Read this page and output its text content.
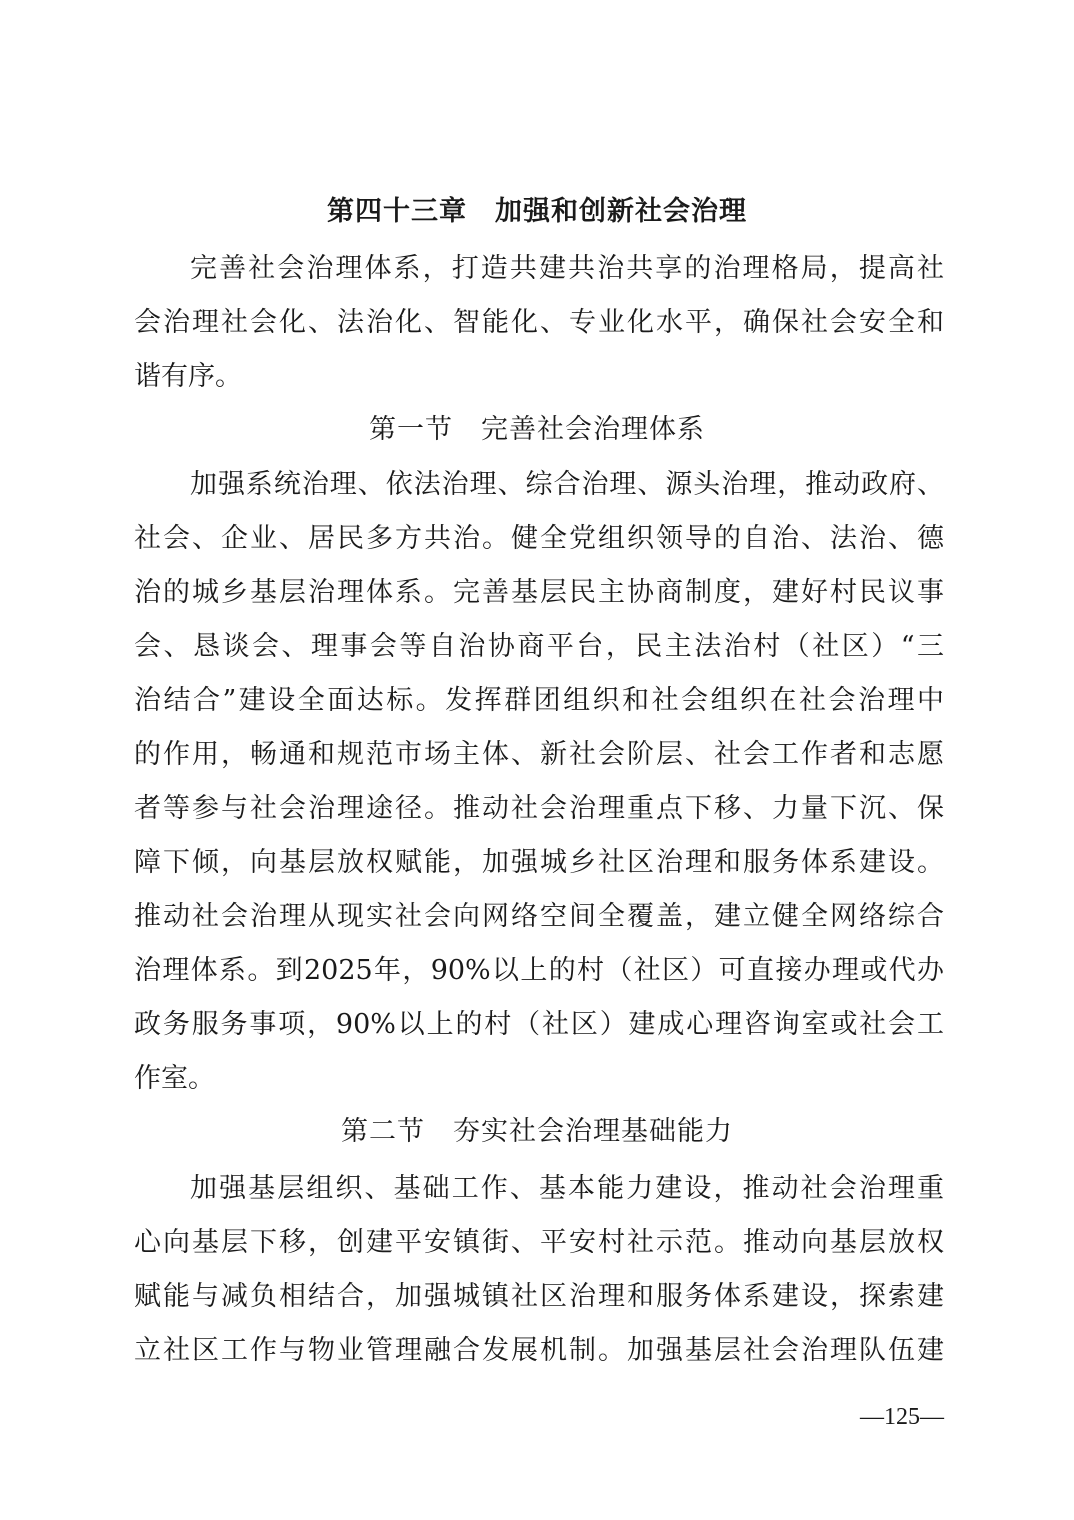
第四十三章　加强和创新社会治理
完善社会治理体系，打造共建共治共享的治理格局，提高社
会治理社会化、法治化、智能化、专业化水平，确保社会安全和
谐有序。
第一节　完善社会治理体系
加强系统治理、依法治理、综合治理、源头治理，推动政府、
社会、企业、居民多方共治。健全党组织领导的自治、法治、德
治的城乡基层治理体系。完善基层民主协商制度，建好村民议事
会、恳谈会、理事会等自治协商平台，民主法治村（社区）“三
治结合”建设全面达标。发挥群团组织和社会组织在社会治理中
的作用，畅通和规范市场主体、新社会阶层、社会工作者和志愿
者等参与社会治理途径。推动社会治理重点下移、力量下沉、保
障下倾，向基层放权赋能，加强城乡社区治理和服务体系建设。
推动社会治理从现实社会向网络空间全覆盖，建立健全网络综合
治理体系。到2025年，90%以上的村（社区）可直接办理或代办
政务服务事项，90%以上的村（社区）建成心理咨询室或社会工
作室。
第二节　夯实社会治理基础能力
加强基层组织、基础工作、基本能力建设，推动社会治理重
心向基层下移，创建平安镇街、平安村社示范。推动向基层放权
赋能与减负相结合，加强城镇社区治理和服务体系建设，探索建
立社区工作与物业管理融合发展机制。加强基层社会治理队伍建
—125—
